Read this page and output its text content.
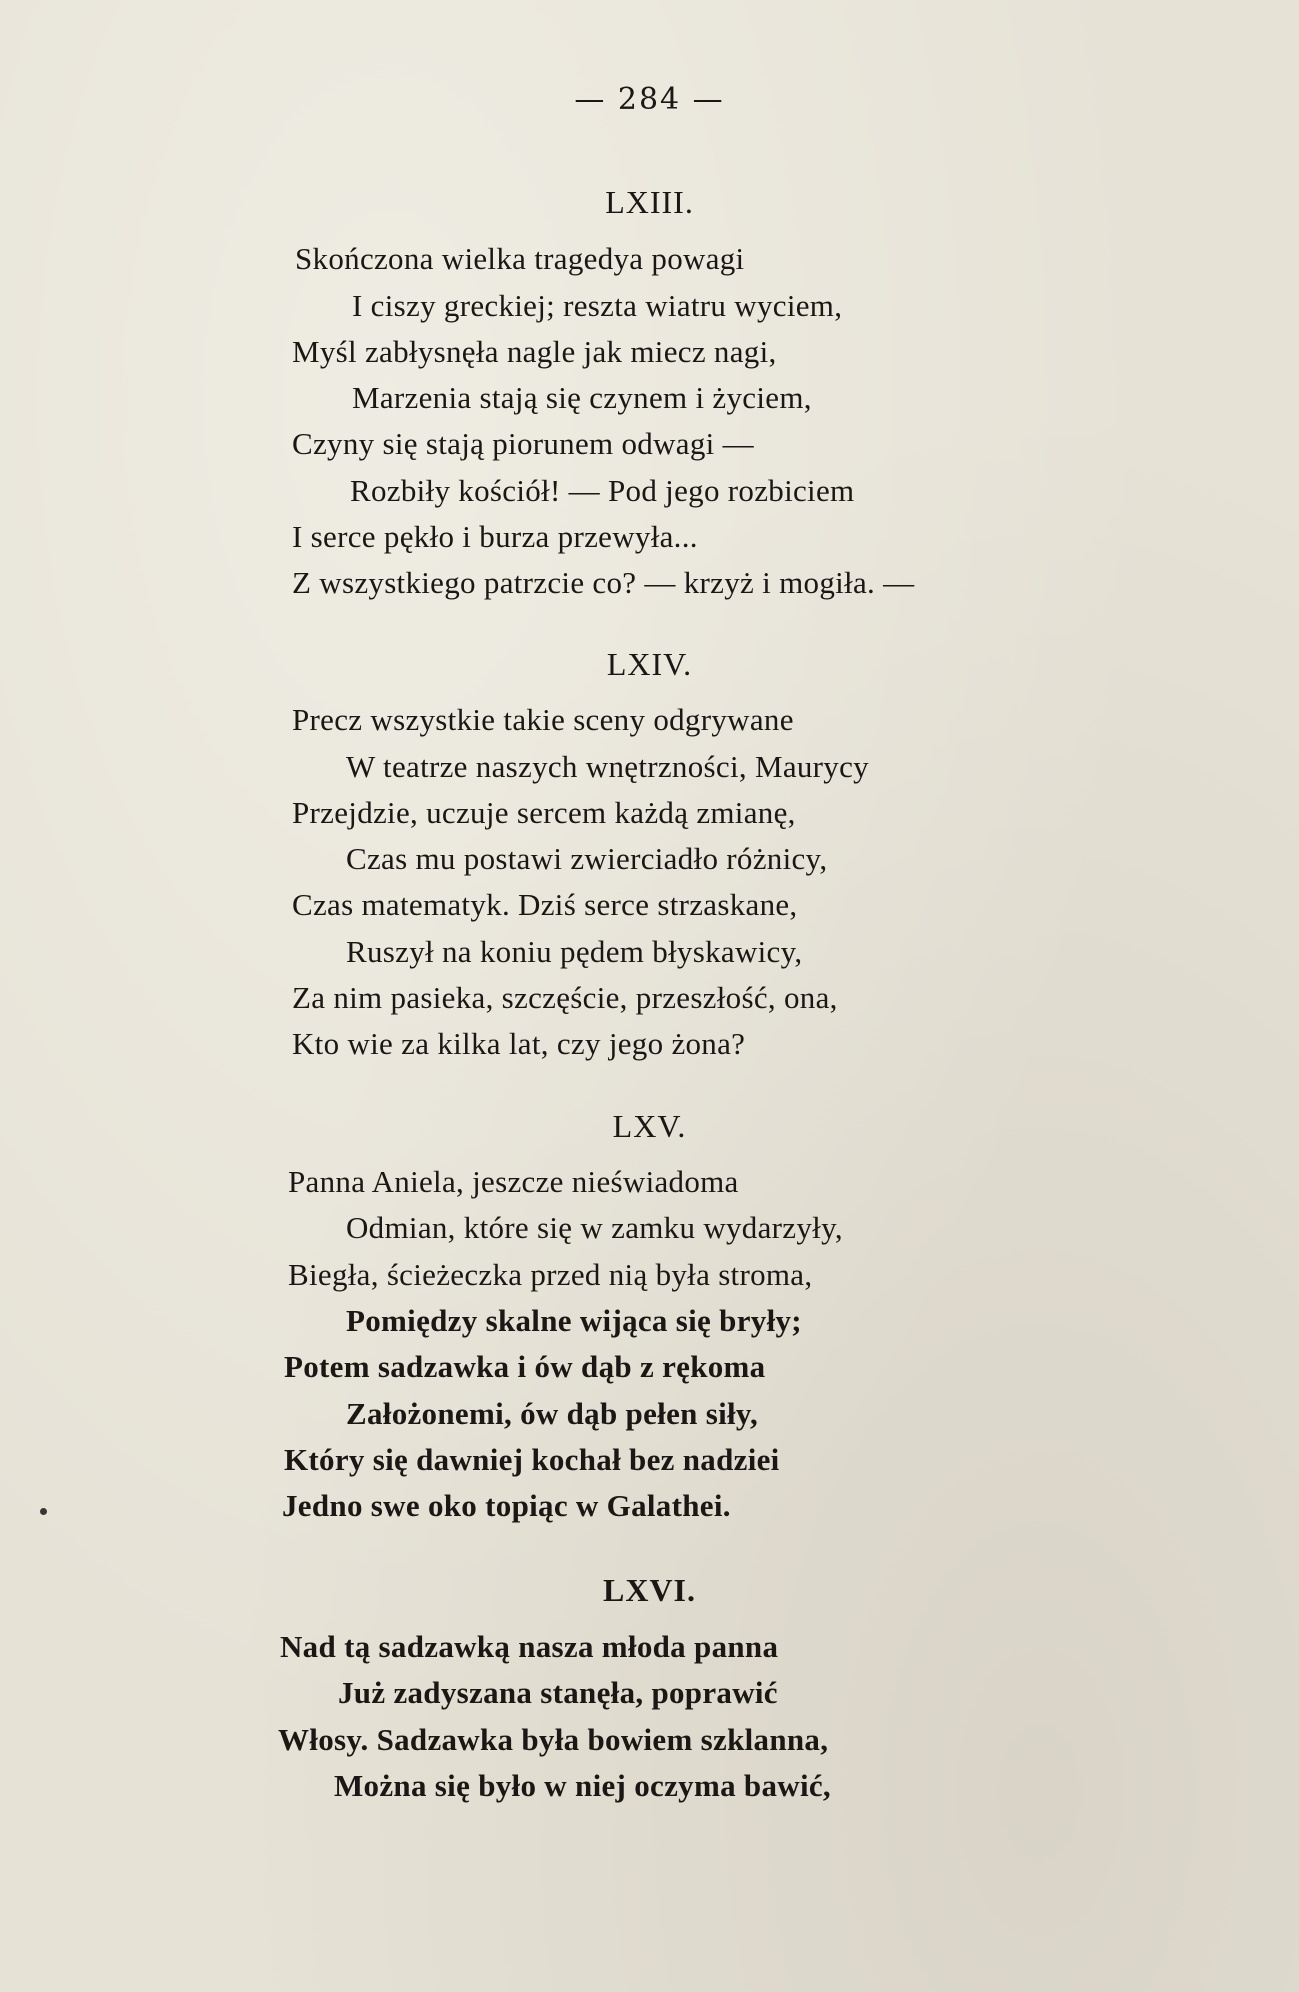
— 284 —
LXIII.
Skończona wielka tragedya powagi
I ciszy greckiej; reszta wiatru wyciem,
Myśl zabłysnęła nagle jak miecz nagi,
Marzenia stają się czynem i życiem,
Czyny się stają piorunem odwagi —
Rozbiły kościół! — Pod jego rozbiciem
I serce pękło i burza przewyła...
Z wszystkiego patrzcie co? — krzyż i mogiła. —
LXIV.
Precz wszystkie takie sceny odgrywane
W teatrze naszych wnętrzności, Maurycy
Przejdzie, uczuje sercem każdą zmianę,
Czas mu postawi zwierciadło różnicy,
Czas matematyk. Dziś serce strzaskane,
Ruszył na koniu pędem błyskawicy,
Za nim pasieka, szczęście, przeszłość, ona,
Kto wie za kilka lat, czy jego żona?
LXV.
Panna Aniela, jeszcze nieświadoma
Odmian, które się w zamku wydarzyły,
Biegła, ścieżeczka przed nią była stroma,
Pomiędzy skalne wijąca się bryły;
Potem sadzawka i ów dąb z rękoma
Założonemi, ów dąb pełen siły,
Który się dawniej kochał bez nadziei
Jedno swe oko topiąc w Galathei.
LXVI.
Nad tą sadzawką nasza młoda panna
Już zadyszana stanęła, poprawić
Włosy. Sadzawka była bowiem szklanna,
Można się było w niej oczyma bawić,
